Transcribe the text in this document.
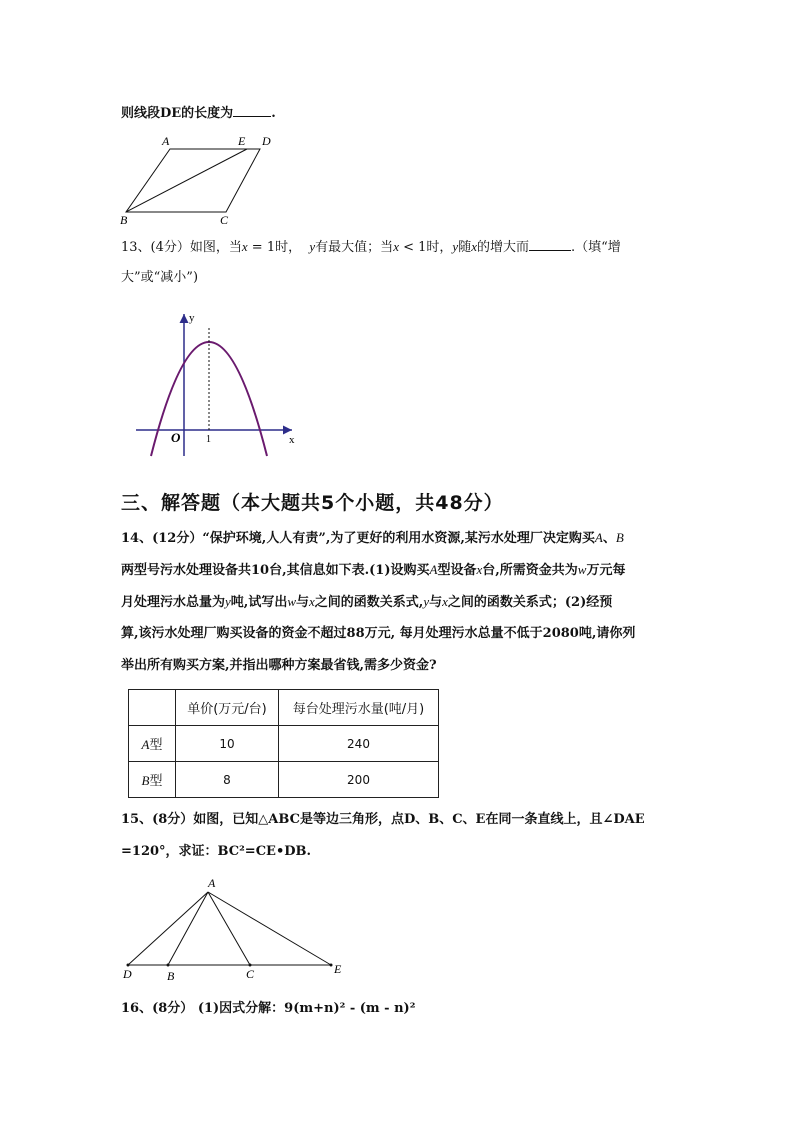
则线段DE的长度为	.
A	E D
B	C
13、(4分）如图，当x = 1时， y有最大值；当x < 1时，y随x的增大而	.（填“增
大”或“减小”)
y
x
O	1
三、解答题（本大题共5个小题，共48分）
14、(12分）“保护环境,人人有责”,为了更好的利用水资源,某污水处理厂决定购买A、B
两型号污水处理设备共10台,其信息如下表.(1)设购买A型设备x台,所需资金共为w万元每
月处理污水总量为y吨,试写出w与x之间的函数关系式,y与x之间的函数关系式；(2)经预
算,该污水处理厂购买设备的资金不超过88万元, 每月处理污水总量不低于2080吨,请你列
举出所有购买方案,并指出哪种方案最省钱,需多少资金?
	单价(万元/台)	每台处理污水量(吨/月)
A型	10	240
B型	8	200
15、(8分）如图，已知△ABC是等边三角形，点D、B、C、E在同一条直线上，且∠DAE
=120°，求证：BC²=CE•DB.
A
D	B	C	E
16、(8分） (1)因式分解：9(m+n)² - (m - n)²
